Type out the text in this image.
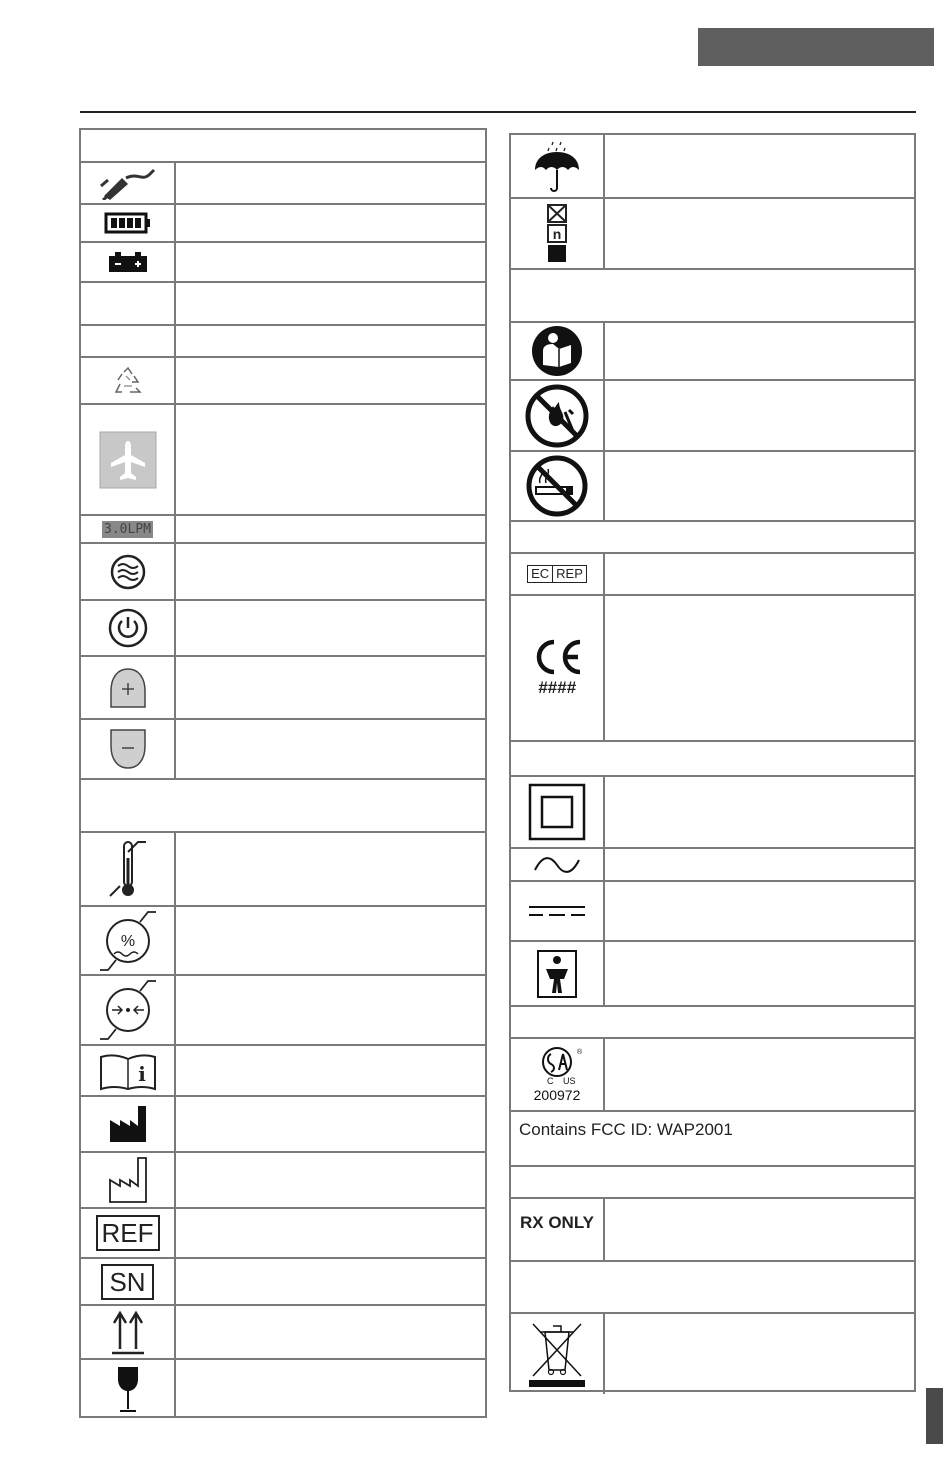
3.0LPM
%
i
REF
SN
n
EC REP
####
®
C US
200972
Contains FCC ID: WAP2001
RX ONLY
